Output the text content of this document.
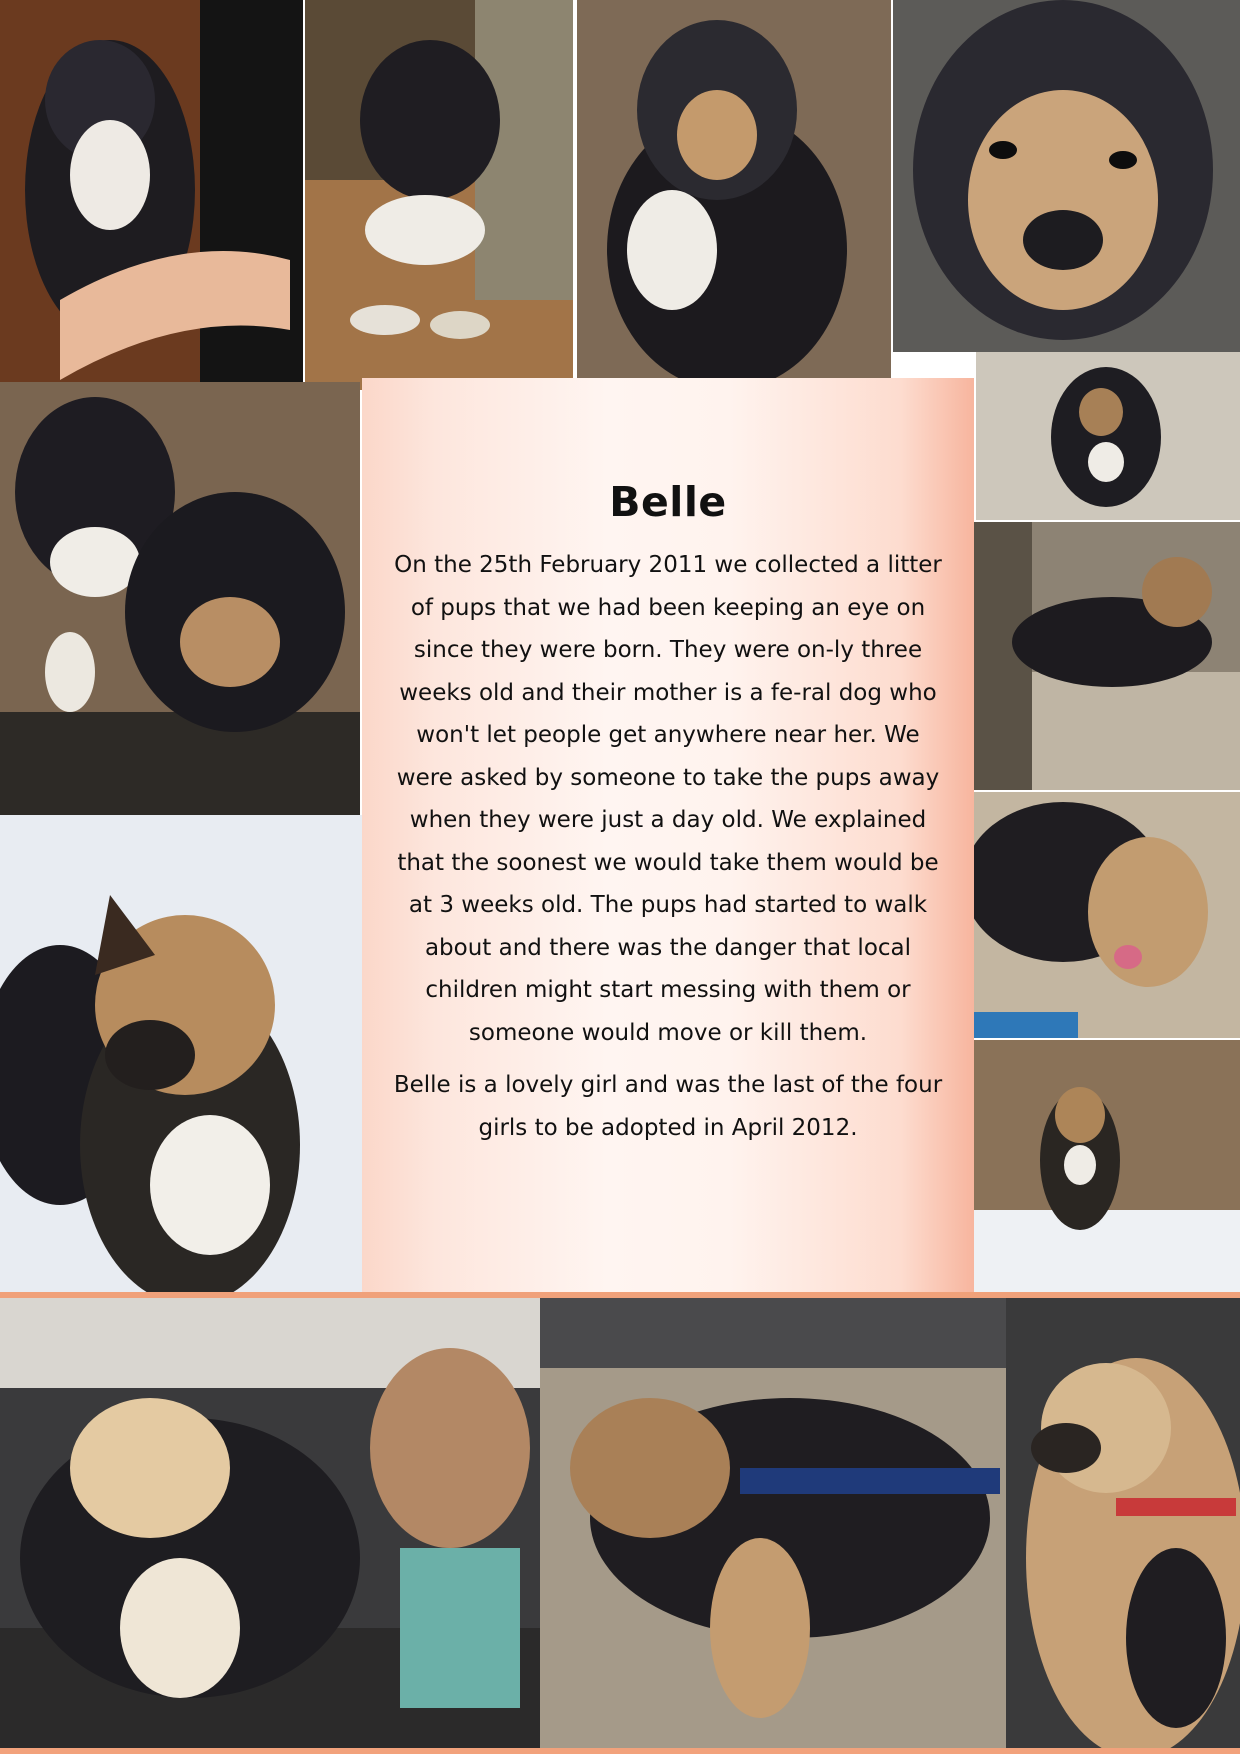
Belle

On the 25th February 2011 we collected a litter of pups that we had been keeping an eye on since they were born. They were on-ly three weeks old and their mother is a fe-ral dog who won't let people get anywhere near her. We were asked by someone to take the pups away when they were just a day old. We explained that the soonest we would take them would be at 3 weeks old. The pups had started to walk about and there was the danger that local children might start messing with them or someone would move or kill them.

Belle is a lovely girl and was the last of the four girls to be adopted in April 2012.
